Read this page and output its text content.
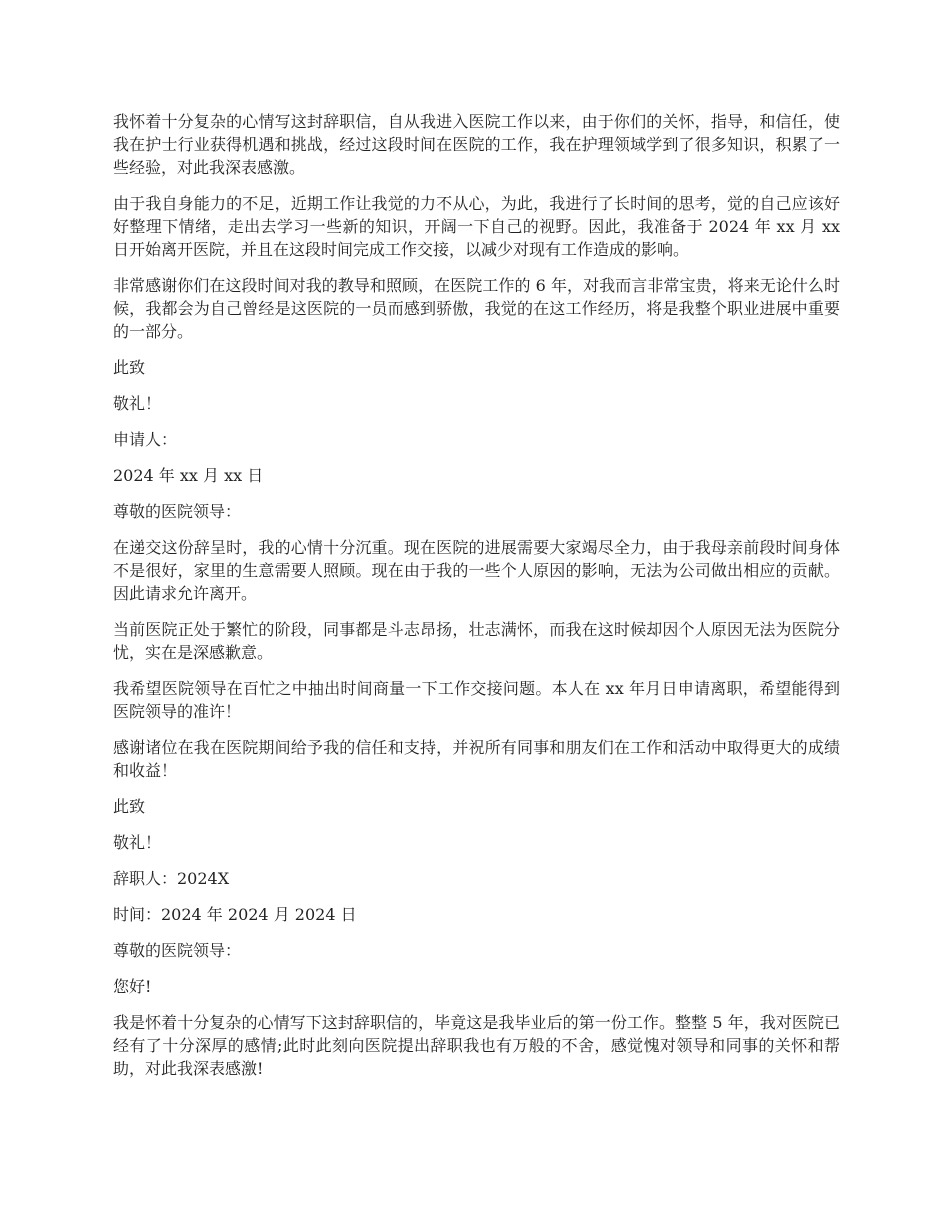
我怀着十分复杂的心情写这封辞职信，自从我进入医院工作以来，由于你们的关怀，指导，和信任，使我在护士行业获得机遇和挑战，经过这段时间在医院的工作，我在护理领域学到了很多知识，积累了一些经验，对此我深表感激。

由于我自身能力的不足，近期工作让我觉的力不从心，为此，我进行了长时间的思考，觉的自己应该好好整理下情绪，走出去学习一些新的知识，开阔一下自己的视野。因此，我准备于 2024 年 xx 月 xx 日开始离开医院，并且在这段时间完成工作交接，以减少对现有工作造成的影响。

非常感谢你们在这段时间对我的教导和照顾，在医院工作的 6 年，对我而言非常宝贵，将来无论什么时候，我都会为自己曾经是这医院的一员而感到骄傲，我觉的在这工作经历，将是我整个职业进展中重要的一部分。

此致

敬礼！

申请人：

2024 年 xx 月 xx 日

尊敬的医院领导：

在递交这份辞呈时，我的心情十分沉重。现在医院的进展需要大家竭尽全力，由于我母亲前段时间身体不是很好，家里的生意需要人照顾。现在由于我的一些个人原因的影响，无法为公司做出相应的贡献。因此请求允许离开。

当前医院正处于繁忙的阶段，同事都是斗志昂扬，壮志满怀，而我在这时候却因个人原因无法为医院分忧，实在是深感歉意。

我希望医院领导在百忙之中抽出时间商量一下工作交接问题。本人在 xx 年月日申请离职，希望能得到医院领导的准许！

感谢诸位在我在医院期间给予我的信任和支持，并祝所有同事和朋友们在工作和活动中取得更大的成绩和收益！

此致

敬礼！

辞职人：2024X

时间：2024 年 2024 月 2024 日

尊敬的医院领导：

您好!

我是怀着十分复杂的心情写下这封辞职信的，毕竟这是我毕业后的第一份工作。整整 5 年，我对医院已经有了十分深厚的感情;此时此刻向医院提出辞职我也有万般的不舍，感觉愧对领导和同事的关怀和帮助，对此我深表感激!
